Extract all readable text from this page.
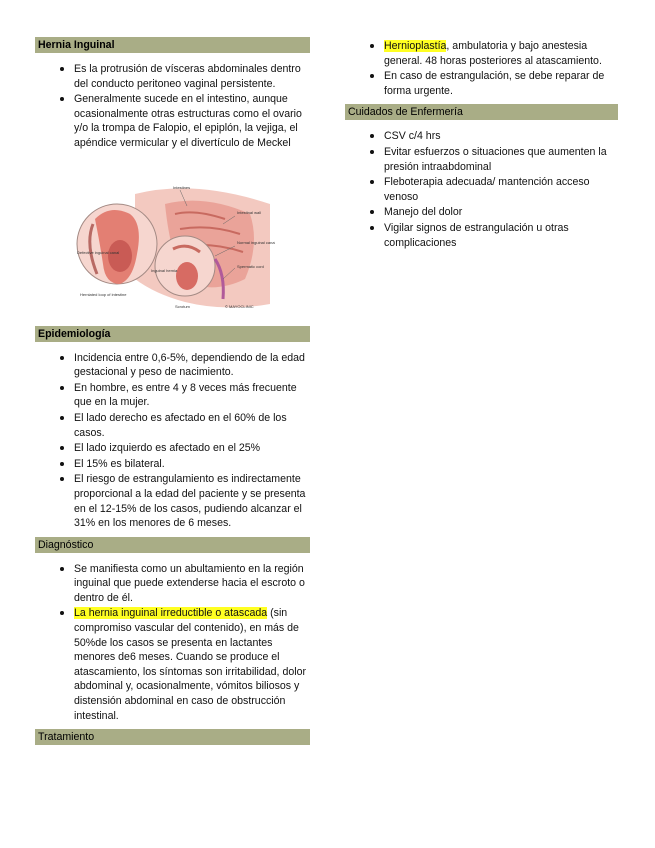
Hernia Inguinal
Es la protrusión de vísceras abdominales dentro del conducto peritoneo vaginal persistente.
Generalmente sucede en el intestino, aunque ocasionalmente otras estructuras como el ovario y/o la trompa de Falopio, el epiplón, la vejiga, el apéndice vermicular y el divertículo de Meckel
Intestines
Intestinal wall
Normal inguinal canal
Spermatic cord
Scrotum
Inguinal hernia
Defective inguinal canal
Herniated loop of intestine
© MAYOCLINIC
Epidemiología
Incidencia entre 0,6-5%, dependiendo de la edad gestacional y peso de nacimiento.
En hombre, es entre 4 y 8 veces más frecuente que en la mujer.
El lado derecho es afectado en el 60% de los casos.
El lado izquierdo es afectado en el 25%
El 15% es bilateral.
El riesgo de estrangulamiento es indirectamente proporcional a la edad del paciente y se presenta en el 12-15% de los casos, pudiendo alcanzar el 31% en los menores de 6 meses.
Diagnóstico
Se manifiesta como un abultamiento en la región inguinal que puede extenderse hacia el escroto o dentro de él.
La hernia inguinal irreductible o atascada (sin compromiso vascular del contenido), en más de 50%de los casos se presenta en lactantes menores de6 meses. Cuando se produce el atascamiento, los síntomas son irritabilidad, dolor abdominal y, ocasionalmente, vómitos biliosos y distensión abdominal en caso de obstrucción intestinal.
Tratamiento
Hernioplastía, ambulatoria y bajo anestesia general. 48 horas posteriores al atascamiento.
En caso de estrangulación, se debe reparar de forma urgente.
Cuidados de Enfermería
CSV c/4 hrs
Evitar esfuerzos o situaciones que aumenten la presión intraabdominal
Fleboterapia adecuada/ mantención acceso venoso
Manejo del dolor
Vigilar signos de estrangulación u otras complicaciones
